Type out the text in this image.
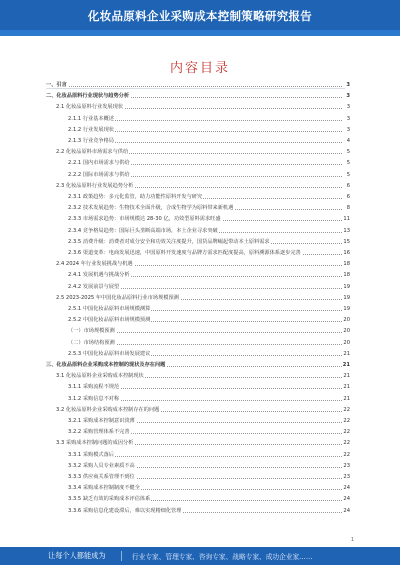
化妆品原料企业采购成本控制策略研究报告
内容目录
一、引言	3
二、化妆品原料行业现状与趋势分析	3
2.1 化妆品原料行业发展现状	3
2.1.1 行业基本概述	3
2.1.2 行业发展现状	3
2.1.3 行业竞争格局	4
2.2 化妆品原料市场需求与供给	5
2.2.1 国内市场需求与供给	5
2.2.2 国际市场需求与供给	5
2.3 化妆品原料行业发展趋势分析	6
2.3.1 政策趋势：多元化监管，助力功能性原料开发与研究	6
2.3.2 技术发展趋势：生物技术全面升级，合成生物学为原料带来新机遇	8
2.3.3 市场需求趋势：市场规模达 28-30 亿，功效型原料需求旺盛	11
2.3.4 竞争格局趋势：国际巨头垄断高端市场，本土企业寻求突破	13
2.3.5 消费升级：消费者对成分安全和功效关注度提升，国货品牌崛起带动本土原料需求	15
2.3.6 渠道变革：电商发展迅速，中国原料开发速度与品牌方需求匹配度提高，原料溯源体系逐步完善	16
2.4 2024 年行业发展挑战与机遇	18
2.4.1 发展机遇与挑战分析	18
2.4.2 发展前景与展望	19
2.5 2023-2025 年中国化妆品原料行业市场规模预测	19
2.5.1 中国化妆品原料市场规模测算	19
2.5.2 中国化妆品原料市场规模预测	20
（一）市场规模预测	20
（二）市场结构预测	20
2.5.3 中国化妆品原料市场发展建议	21
三、化妆品原料企业采购成本控制的现状及存在问题	21
3.1 化妆品原料企业采购成本控制现状	21
3.1.1 采购流程不规范	21
3.1.2 采购信息不对称	21
3.2 化妆品原料企业采购成本控制存在的问题	22
3.2.1 采购成本控制意识淡薄	22
3.2.2 采购管理体系不完善	22
3.3 采购成本控制问题的成因分析	22
3.3.1 采购模式落后	22
3.3.2 采购人员专业素质不高	23
3.3.3 供应商关系管理不到位	23
3.3.4 采购成本控制制度不健全	24
3.3.5 缺乏有效的采购成本评估体系	24
3.3.6 采购信息化建设滞后，难以实现精细化管理	24
1
让每个人都能成为	行业专家、管理专家、咨询专家、战略专家、成功企业家……
